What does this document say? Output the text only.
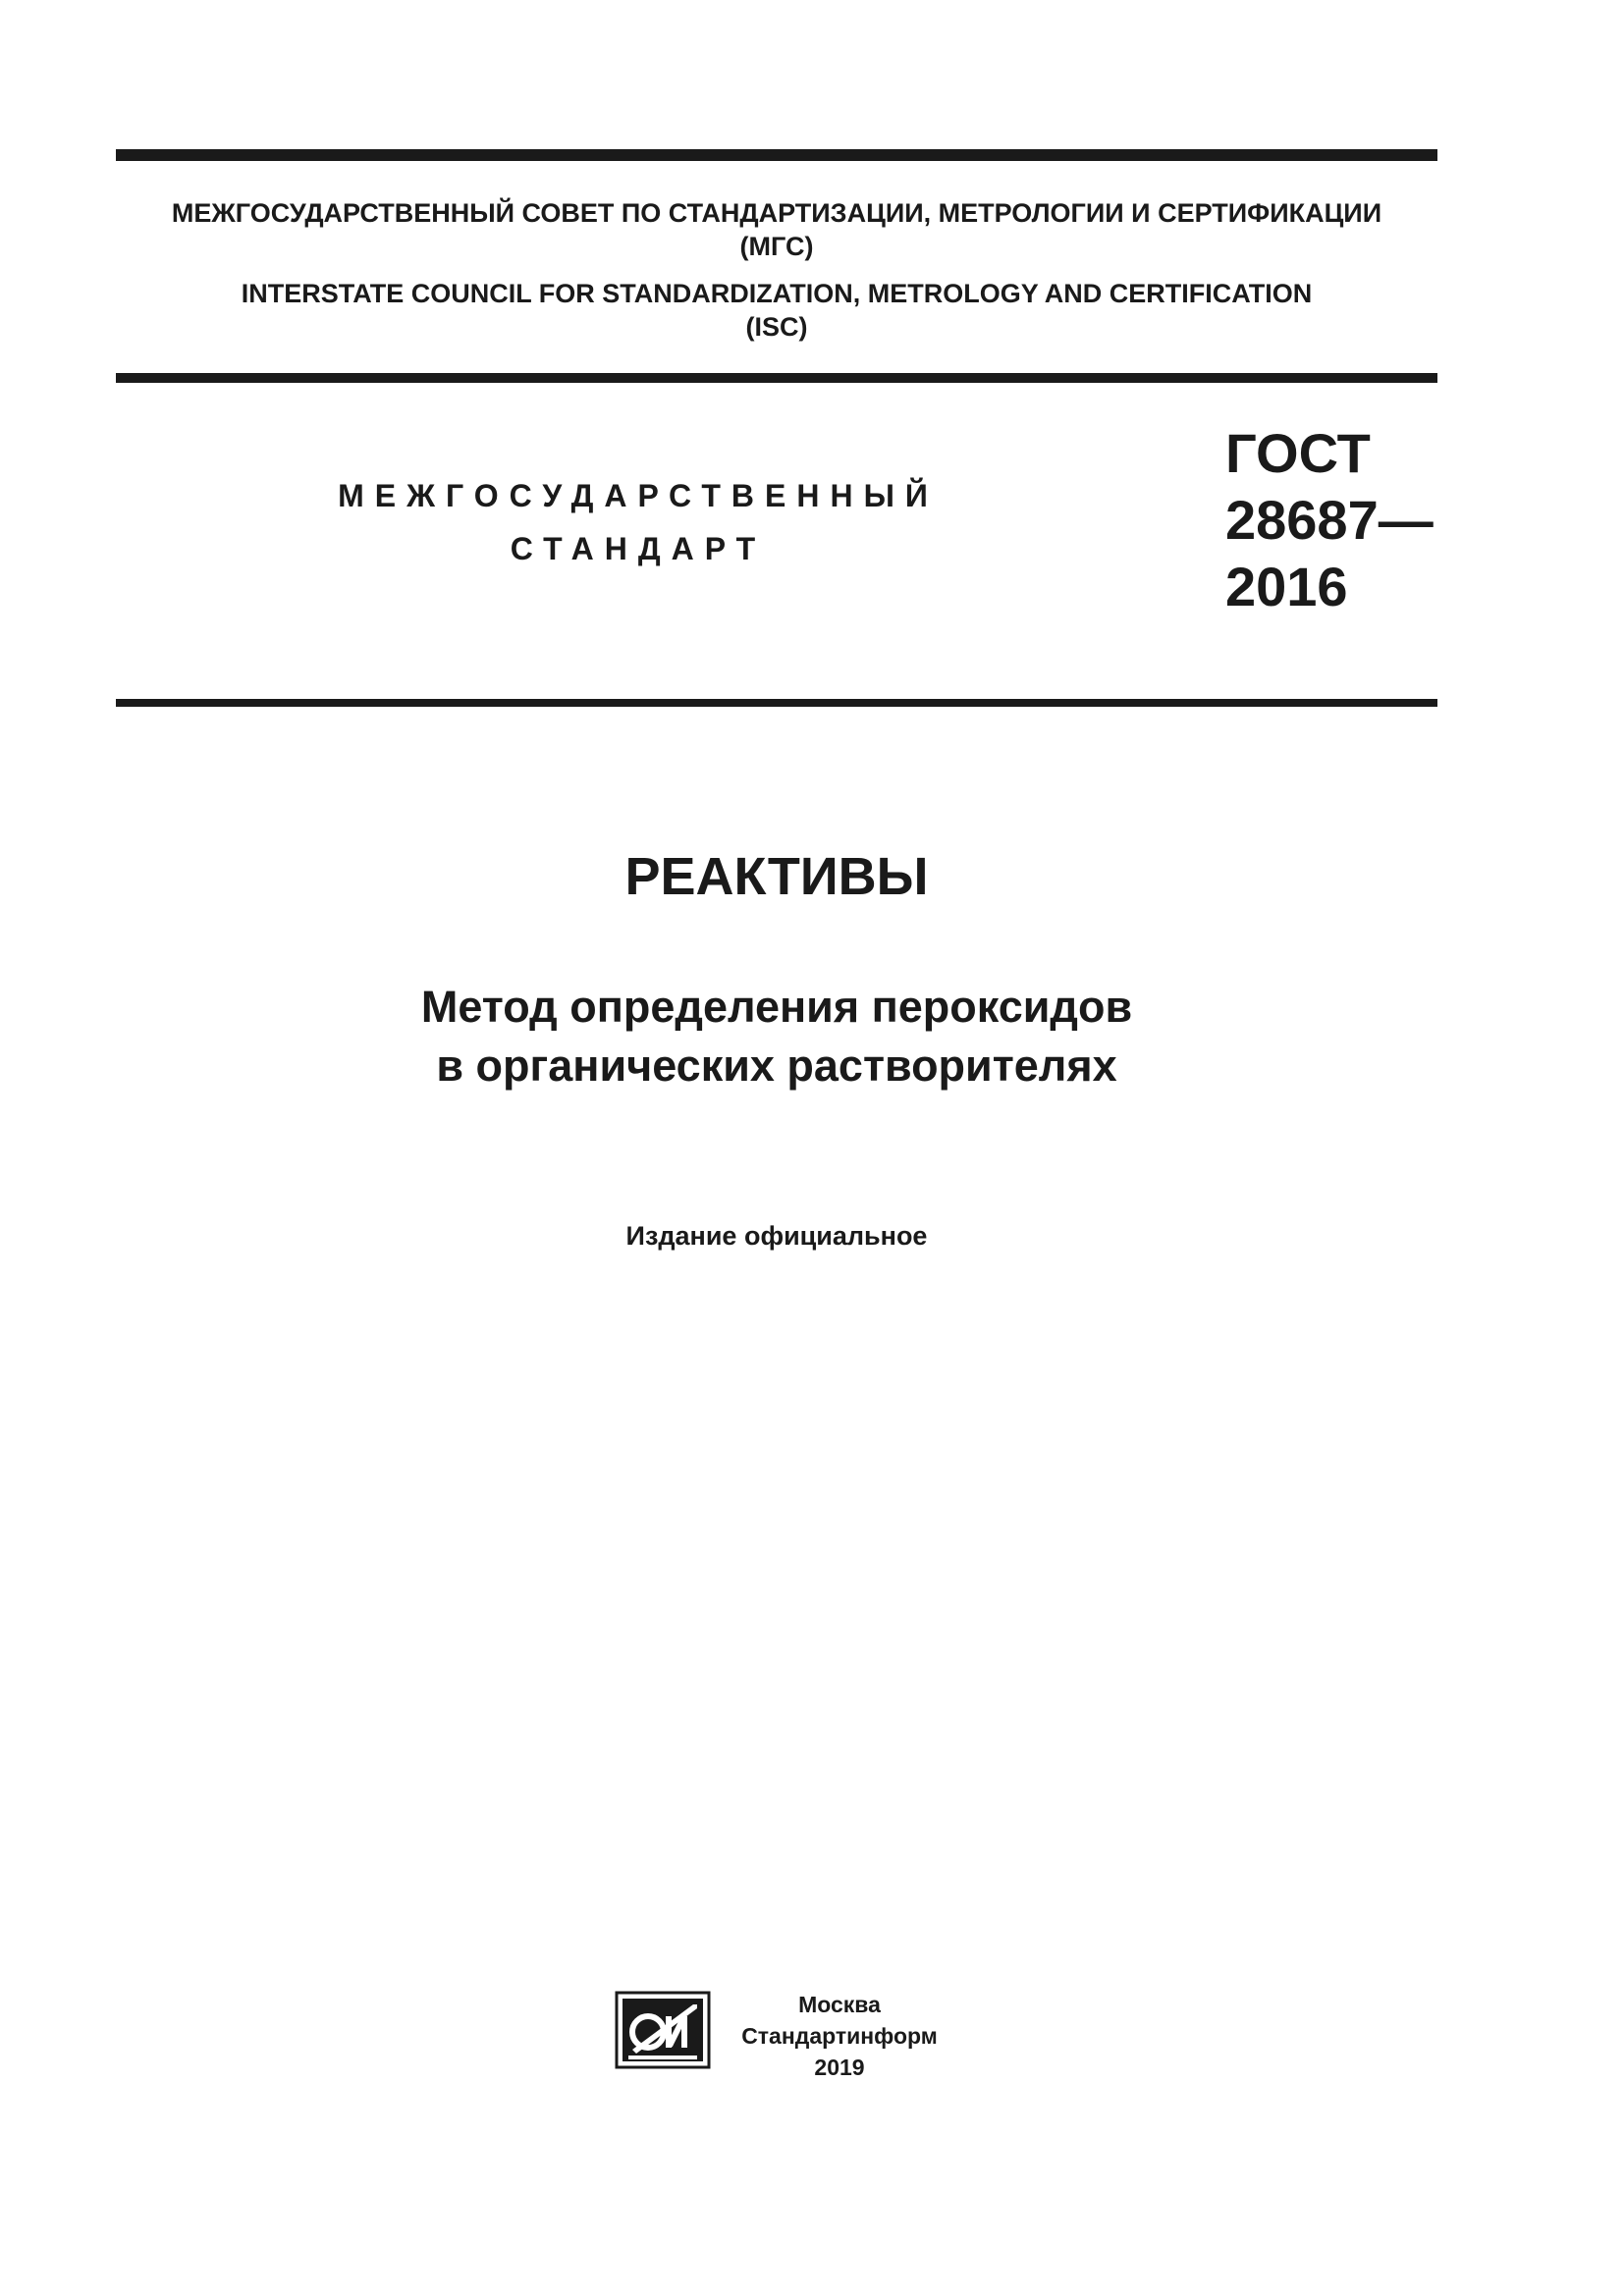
МЕЖГОСУДАРСТВЕННЫЙ СОВЕТ ПО СТАНДАРТИЗАЦИИ, МЕТРОЛОГИИ И СЕРТИФИКАЦИИ
(МГС)
INTERSTATE COUNCIL FOR STANDARDIZATION, METROLOGY AND CERTIFICATION
(ISC)
МЕЖГОСУДАРСТВЕННЫЙ
СТАНДАРТ
ГОСТ
28687—
2016
РЕАКТИВЫ
Метод определения пероксидов
в органических растворителях
Издание официальное
Москва
Стандартинформ
2019
